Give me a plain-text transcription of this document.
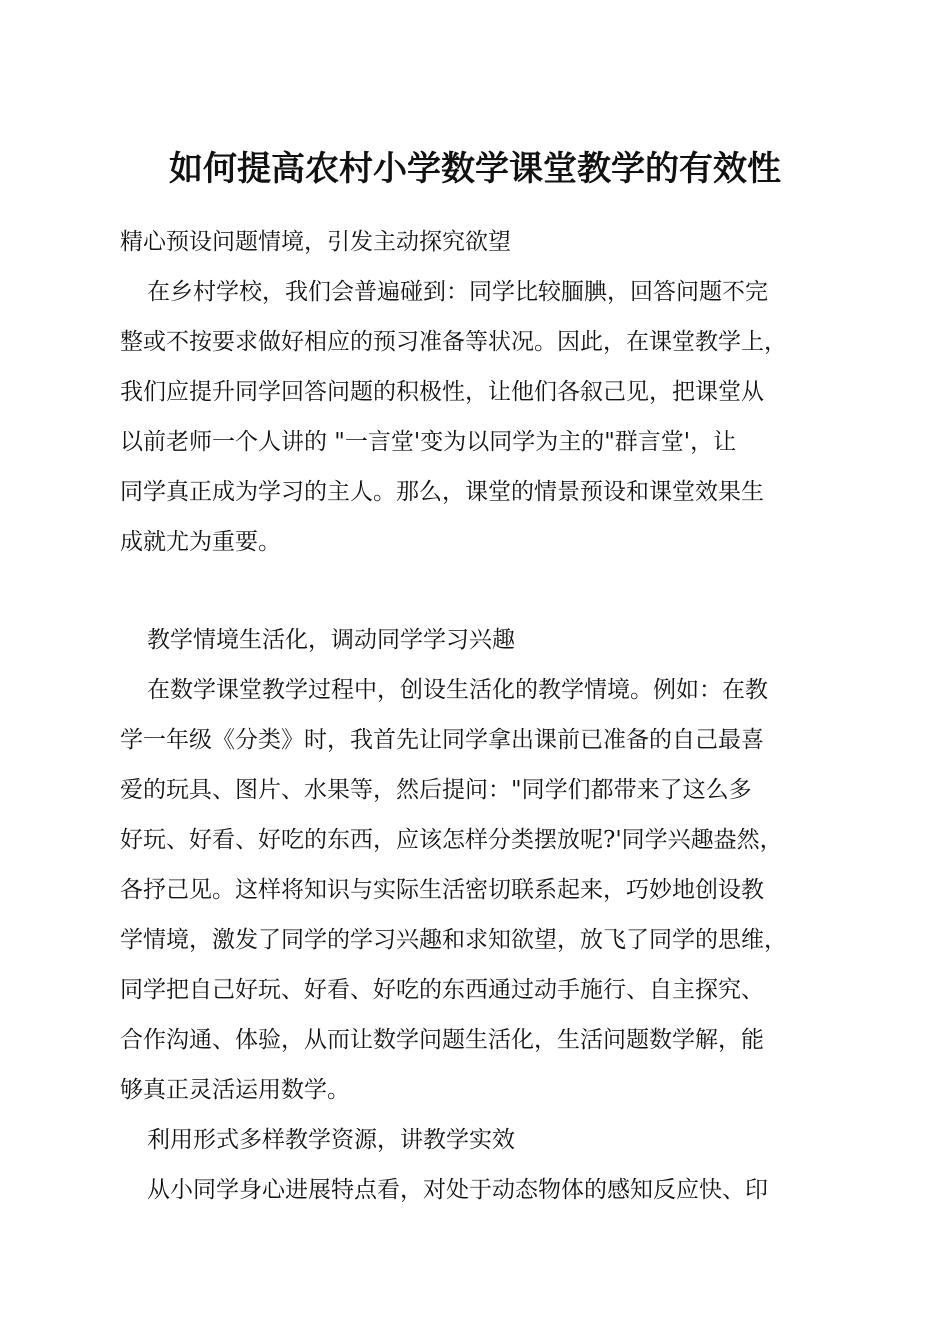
如何提高农村小学数学课堂教学的有效性
精心预设问题情境，引发主动探究欲望
在乡村学校，我们会普遍碰到：同学比较腼腆，回答问题不完
整或不按要求做好相应的预习准备等状况。因此，在课堂教学上，
我们应提升同学回答问题的积极性，让他们各叙己见，把课堂从
以前老师一个人讲的 "一言堂'变为以同学为主的"群言堂'，让
同学真正成为学习的主人。那么，课堂的情景预设和课堂效果生
成就尤为重要。
教学情境生活化，调动同学学习兴趣
在数学课堂教学过程中，创设生活化的教学情境。例如：在教
学一年级《分类》时，我首先让同学拿出课前已准备的自己最喜
爱的玩具、图片、水果等，然后提问："同学们都带来了这么多
好玩、好看、好吃的东西，应该怎样分类摆放呢?'同学兴趣盎然，
各抒己见。这样将知识与实际生活密切联系起来，巧妙地创设教
学情境，激发了同学的学习兴趣和求知欲望，放飞了同学的思维，
同学把自己好玩、好看、好吃的东西通过动手施行、自主探究、
合作沟通、体验，从而让数学问题生活化，生活问题数学解，能
够真正灵活运用数学。
利用形式多样教学资源，讲教学实效
从小同学身心进展特点看，对处于动态物体的感知反应快、印
